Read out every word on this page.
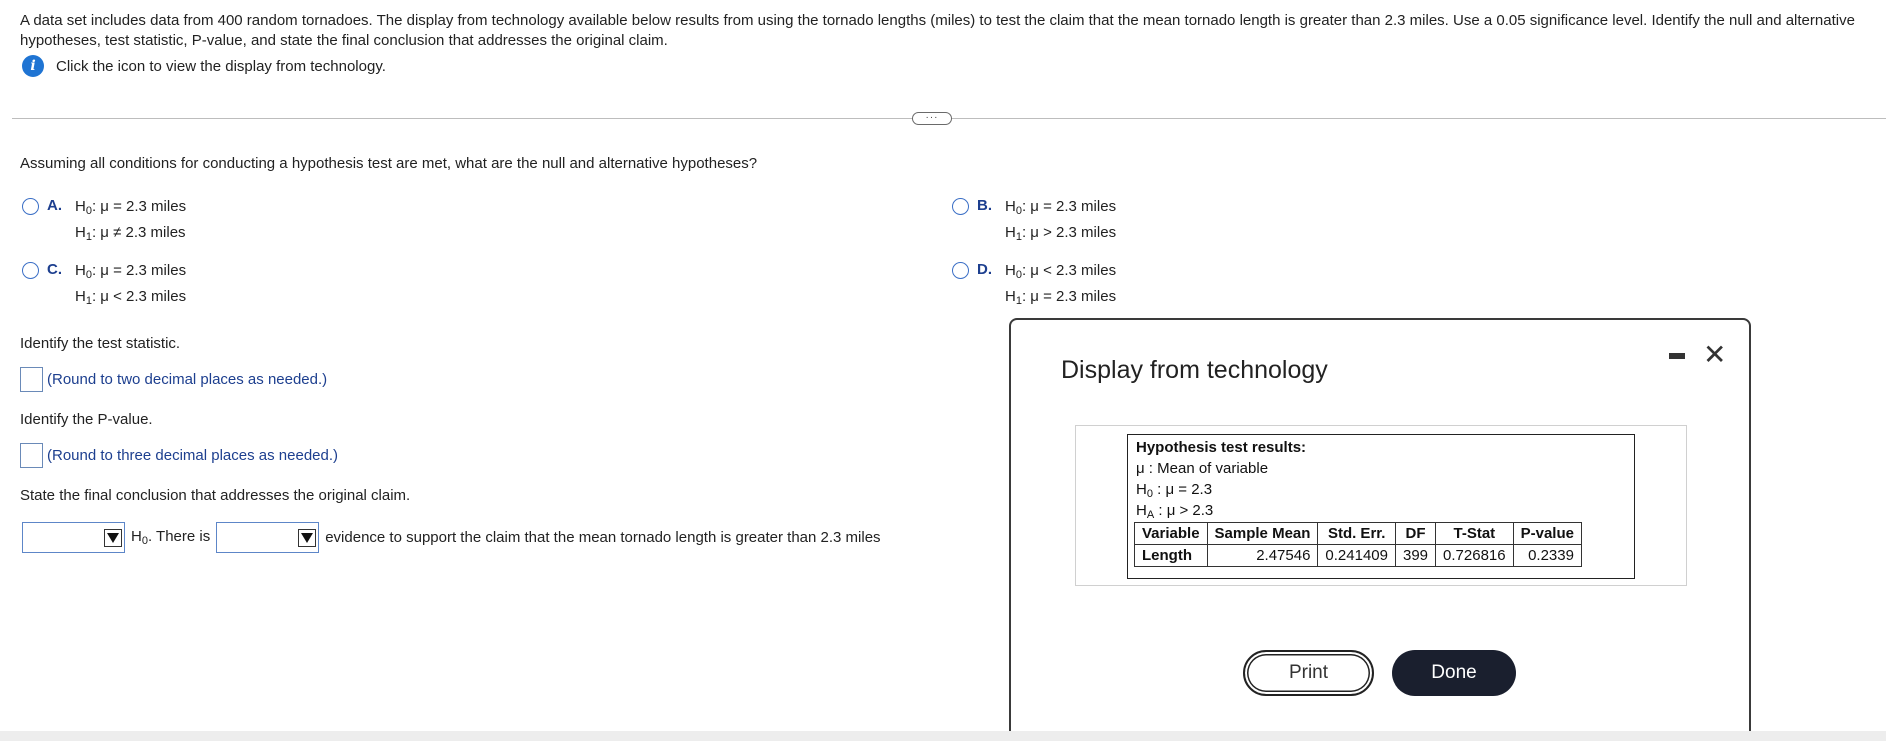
A data set includes data from 400 random tornadoes. The display from technology available below results from using the tornado lengths (miles) to test the claim that the mean tornado length is greater than 2.3 miles. Use a 0.05 significance level. Identify the null and alternative hypotheses, test statistic, P-value, and state the final conclusion that addresses the original claim.
i	Click the icon to view the display from technology.
···
Assuming all conditions for conducting a hypothesis test are met, what are the null and alternative hypotheses?
A. $H_0$: μ = 2.3 miles
$H_1$: μ ≠ 2.3 miles
B. $H_0$: μ = 2.3 miles
$H_1$: μ > 2.3 miles
C. $H_0$: μ = 2.3 miles
$H_1$: μ < 2.3 miles
D. $H_0$: μ < 2.3 miles
$H_1$: μ = 2.3 miles
Identify the test statistic.
(Round to two decimal places as needed.)
Identify the P-value.
(Round to three decimal places as needed.)
State the final conclusion that addresses the original claim.
$H_0$. There is	evidence to support the claim that the mean tornado length is greater than 2.3 miles
Display from technology	✕
Hypothesis test results:
μ : Mean of variable
$H_0$ : μ = 2.3
$H_A$ : μ > 2.3
Variable	Sample Mean	Std. Err.	DF	T-Stat	P-value
Length	2.47546	0.241409	399	0.726816	0.2339
Print	Done
